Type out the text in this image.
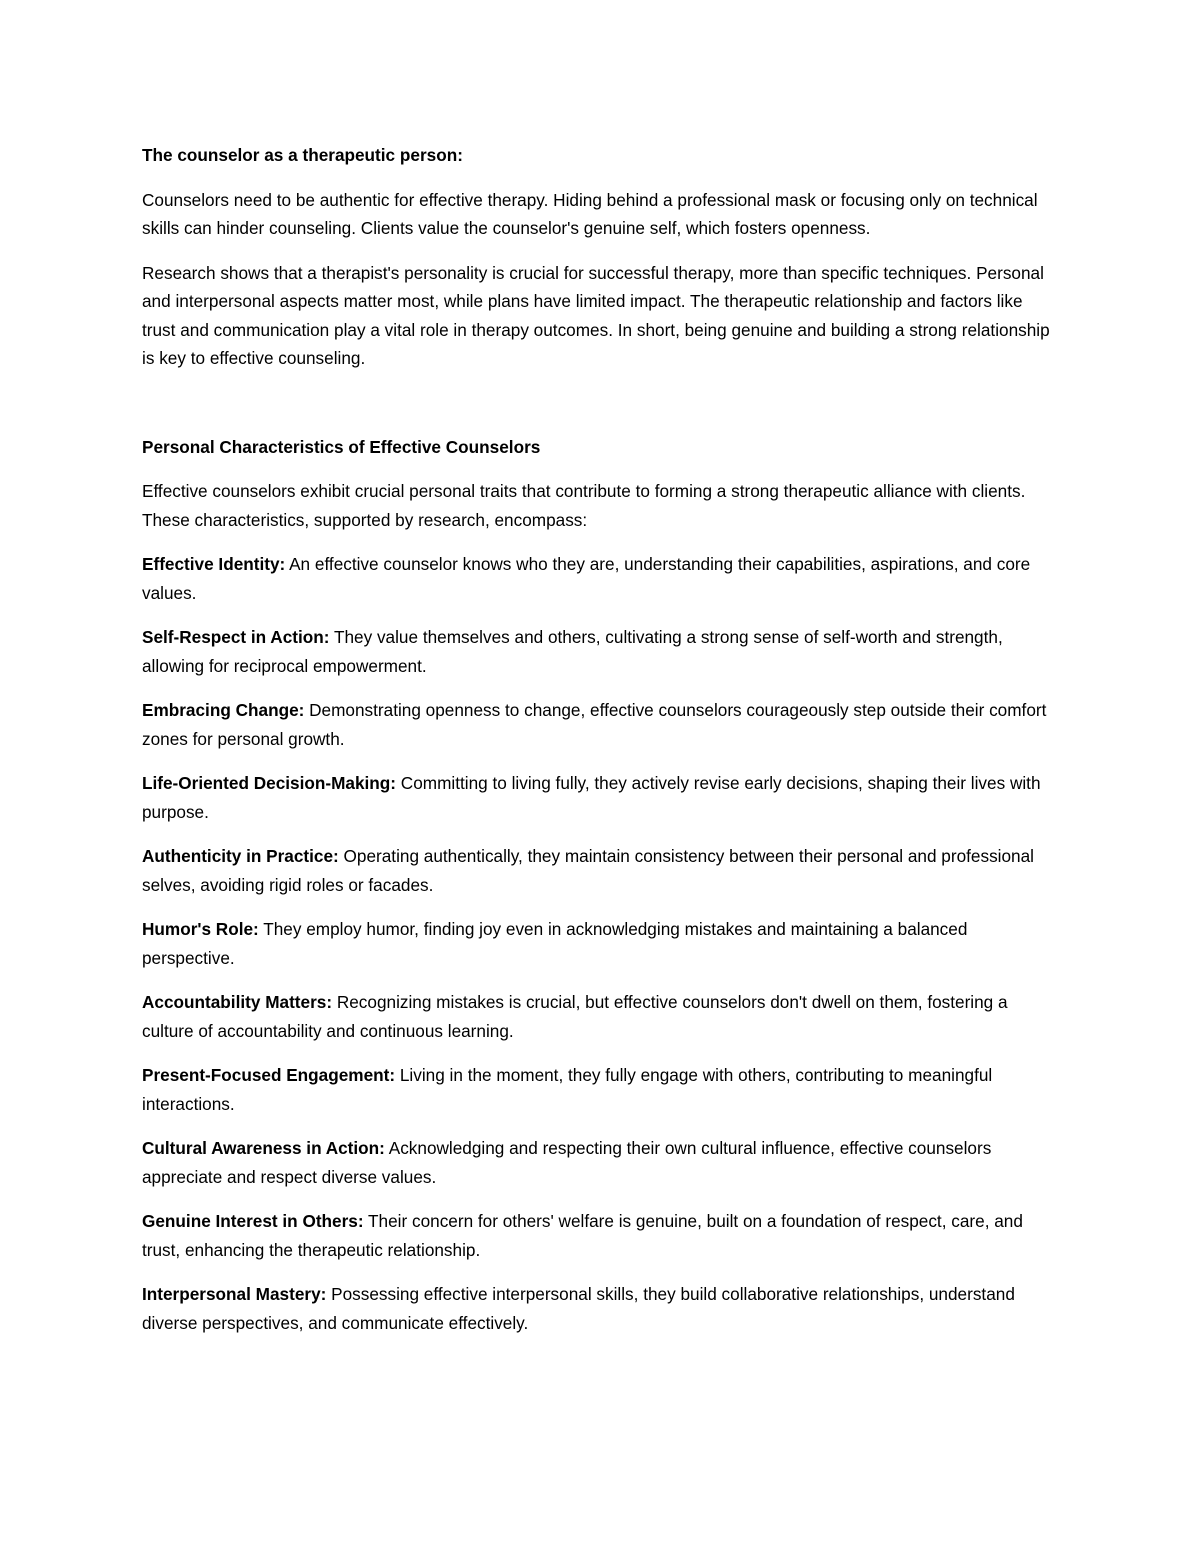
The counselor as a therapeutic person:

Counselors need to be authentic for effective therapy. Hiding behind a professional mask or focusing only on technical skills can hinder counseling. Clients value the counselor's genuine self, which fosters openness.

Research shows that a therapist's personality is crucial for successful therapy, more than specific techniques. Personal and interpersonal aspects matter most, while plans have limited impact. The therapeutic relationship and factors like trust and communication play a vital role in therapy outcomes. In short, being genuine and building a strong relationship is key to effective counseling.

Personal Characteristics of Effective Counselors

Effective counselors exhibit crucial personal traits that contribute to forming a strong therapeutic alliance with clients. These characteristics, supported by research, encompass:

Effective Identity: An effective counselor knows who they are, understanding their capabilities, aspirations, and core values.

Self-Respect in Action: They value themselves and others, cultivating a strong sense of self-worth and strength, allowing for reciprocal empowerment.

Embracing Change: Demonstrating openness to change, effective counselors courageously step outside their comfort zones for personal growth.

Life-Oriented Decision-Making: Committing to living fully, they actively revise early decisions, shaping their lives with purpose.

Authenticity in Practice: Operating authentically, they maintain consistency between their personal and professional selves, avoiding rigid roles or facades.

Humor's Role: They employ humor, finding joy even in acknowledging mistakes and maintaining a balanced perspective.

Accountability Matters: Recognizing mistakes is crucial, but effective counselors don't dwell on them, fostering a culture of accountability and continuous learning.

Present-Focused Engagement: Living in the moment, they fully engage with others, contributing to meaningful interactions.

Cultural Awareness in Action: Acknowledging and respecting their own cultural influence, effective counselors appreciate and respect diverse values.

Genuine Interest in Others: Their concern for others' welfare is genuine, built on a foundation of respect, care, and trust, enhancing the therapeutic relationship.

Interpersonal Mastery: Possessing effective interpersonal skills, they build collaborative relationships, understand diverse perspectives, and communicate effectively.
